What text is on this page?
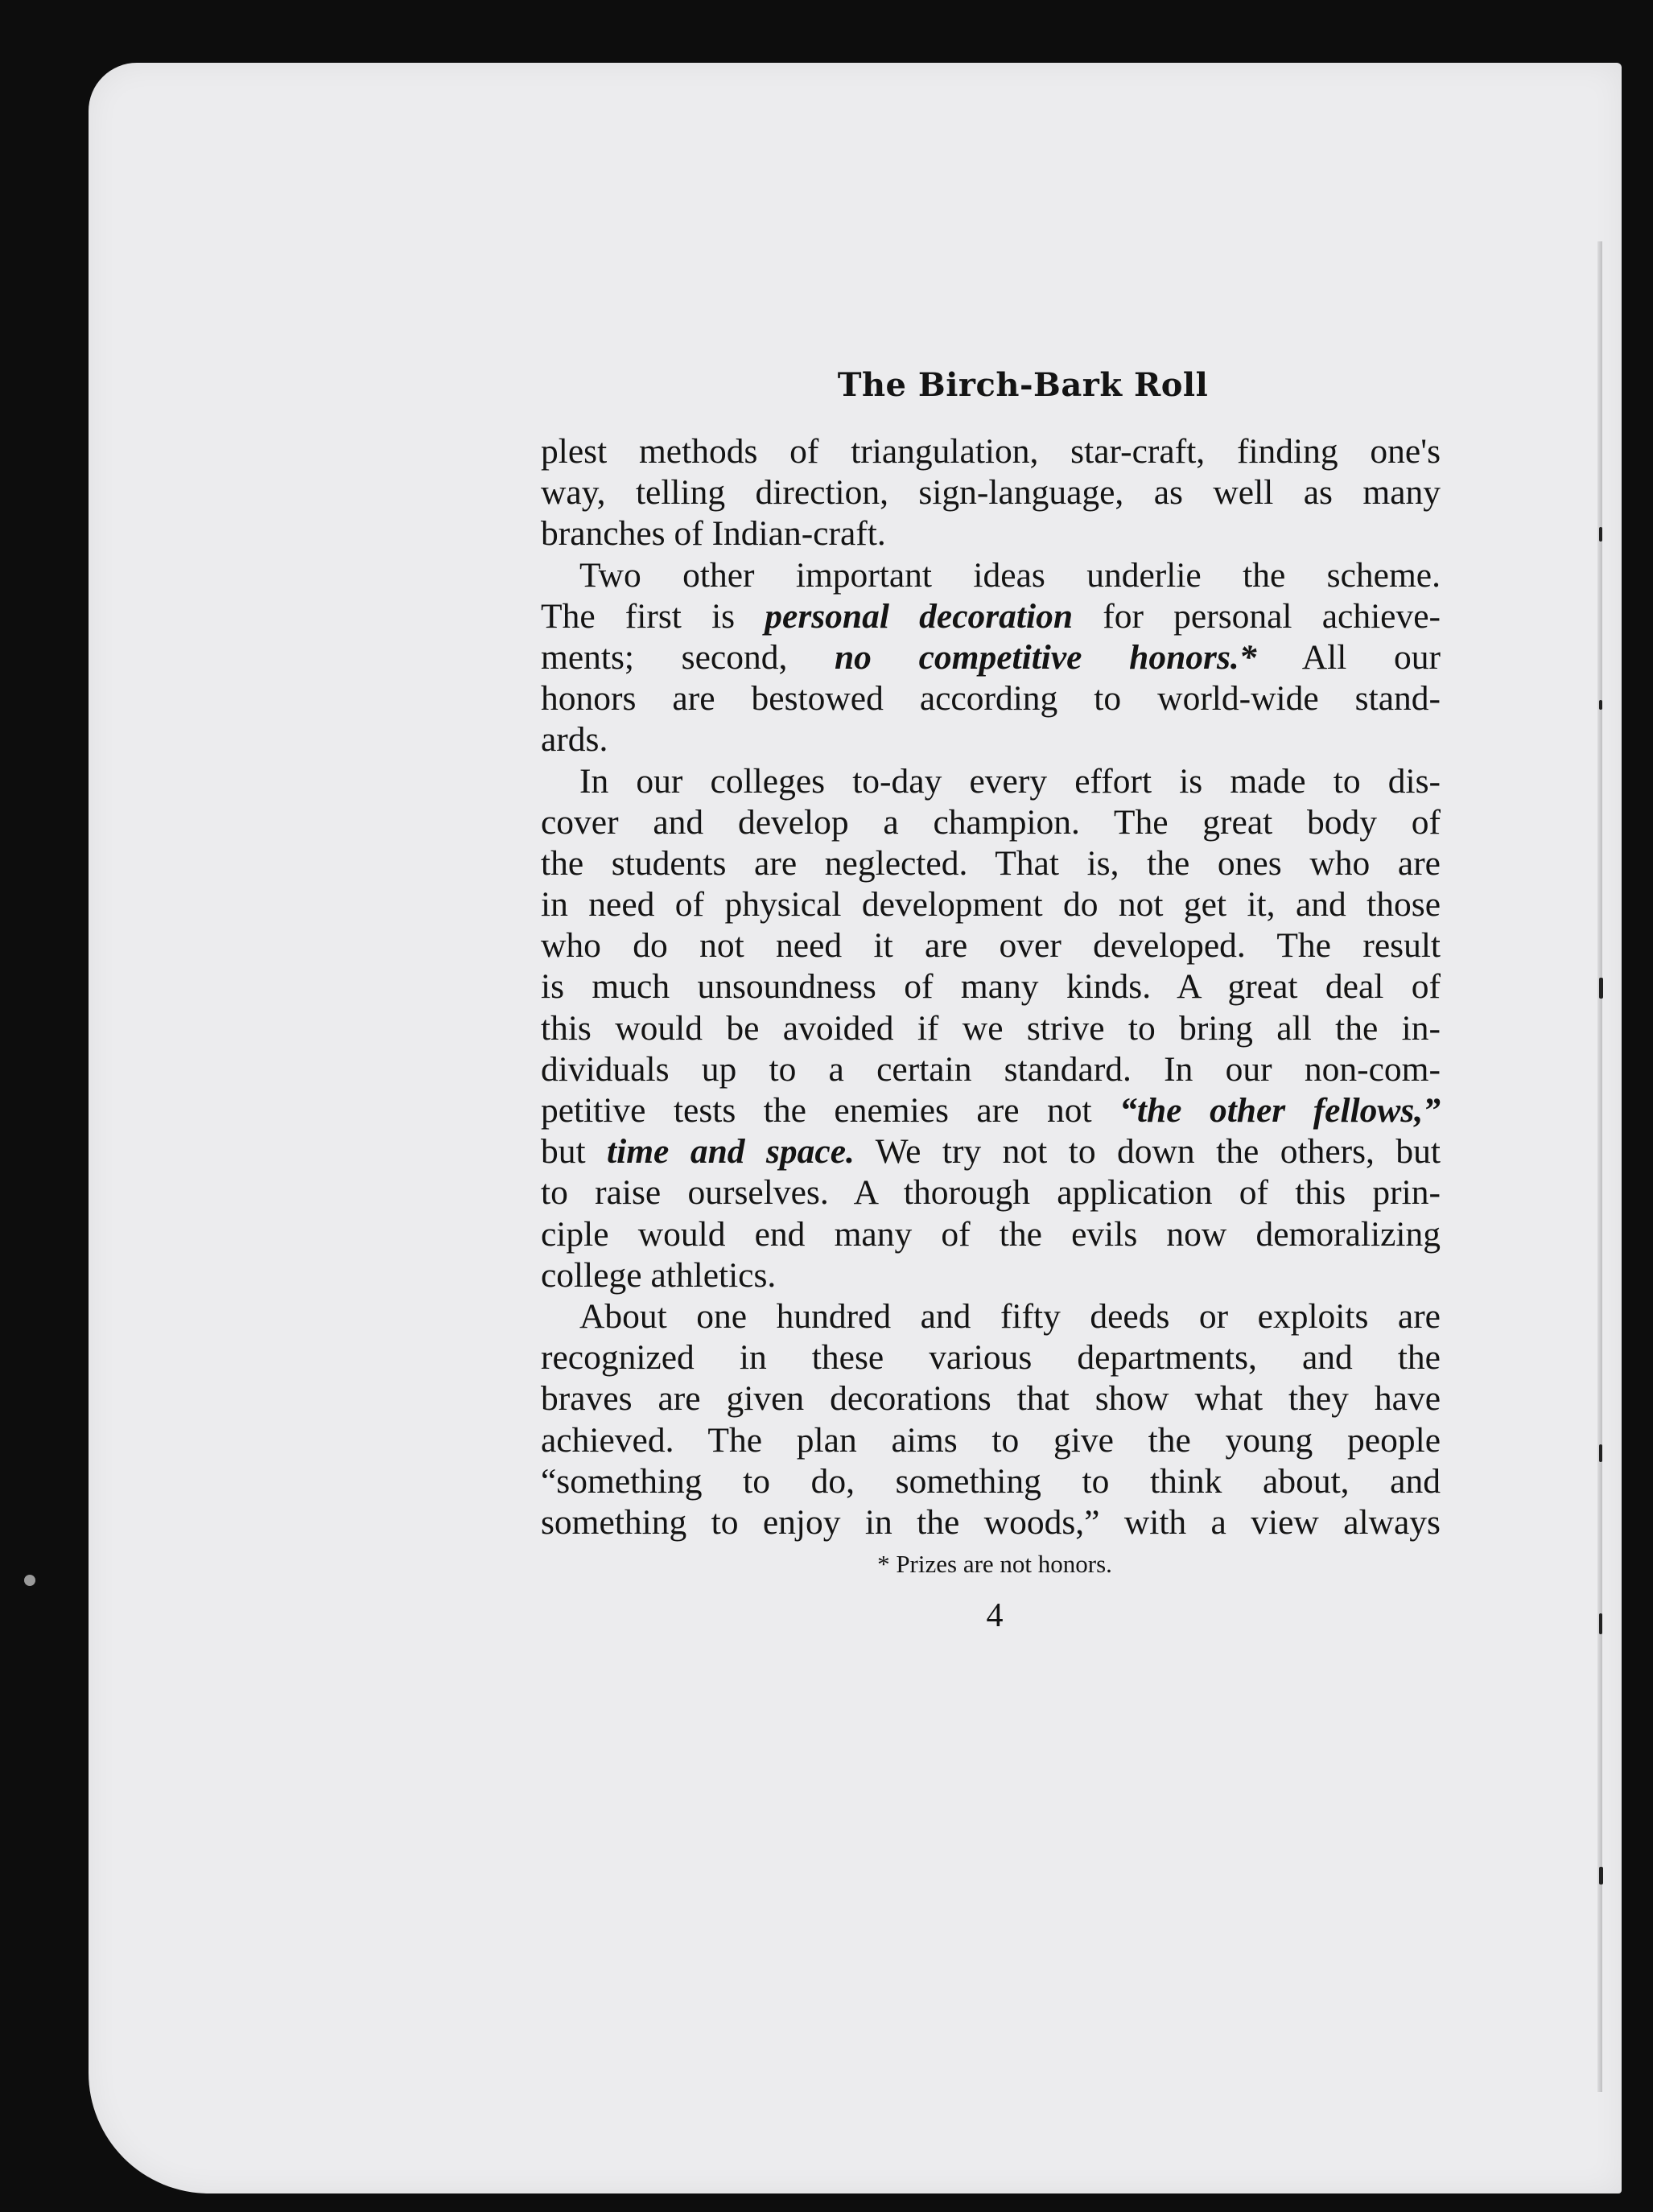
The Birch-Bark Roll

plest methods of triangulation, star-craft, finding one's
way, telling direction, sign-language, as well as many
branches of Indian-craft.

Two other important ideas underlie the scheme.
The first is personal decoration for personal achieve-
ments; second, no competitive honors.* All our
honors are bestowed according to world-wide stand-
ards.

In our colleges to-day every effort is made to dis-
cover and develop a champion. The great body of
the students are neglected. That is, the ones who are
in need of physical development do not get it, and those
who do not need it are over developed. The result
is much unsoundness of many kinds. A great deal of
this would be avoided if we strive to bring all the in-
dividuals up to a certain standard. In our non-com-
petitive tests the enemies are not “the other fellows,”
but time and space. We try not to down the others, but
to raise ourselves. A thorough application of this prin-
ciple would end many of the evils now demoralizing
college athletics.

About one hundred and fifty deeds or exploits are
recognized in these various departments, and the
braves are given decorations that show what they have
achieved. The plan aims to give the young people
“something to do, something to think about, and
something to enjoy in the woods,” with a view always

* Prizes are not honors.
4
